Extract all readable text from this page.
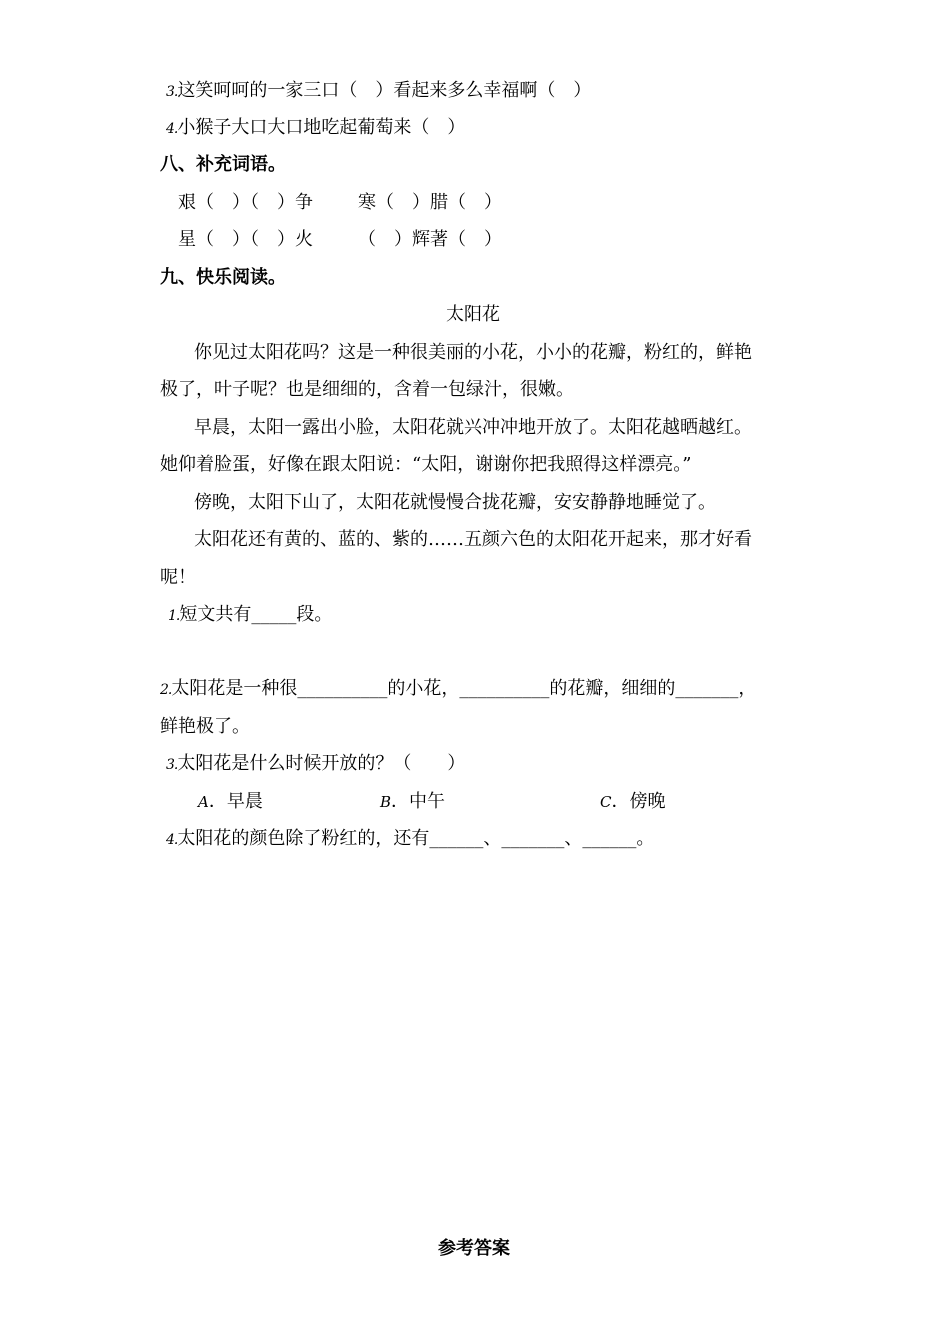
3.这笑呵呵的一家三口（　）看起来多么幸福啊（　）
4.小猴子大口大口地吃起葡萄来（　）
八、补充词语。
艰（　）（　）争	寒（　）腊（　）
星（　）（　）火	（　）辉著（　）
九、快乐阅读。
太阳花
你见过太阳花吗？这是一种很美丽的小花，小小的花瓣，粉红的，鲜艳
极了，叶子呢？也是细细的，含着一包绿汁，很嫩。
早晨，太阳一露出小脸，太阳花就兴冲冲地开放了。太阳花越晒越红。
她仰着脸蛋，好像在跟太阳说：“太阳，谢谢你把我照得这样漂亮。”
傍晚，太阳下山了，太阳花就慢慢合拢花瓣，安安静静地睡觉了。
太阳花还有黄的、蓝的、紫的……五颜六色的太阳花开起来，那才好看
呢！
1.短文共有_____段。
2.太阳花是一种很__________的小花，__________的花瓣，细细的_______，
鲜艳极了。
3.太阳花是什么时候开放的？（　　）
A．早晨	B．中午	C．傍晚
4.太阳花的颜色除了粉红的，还有______、_______、______。
参考答案
